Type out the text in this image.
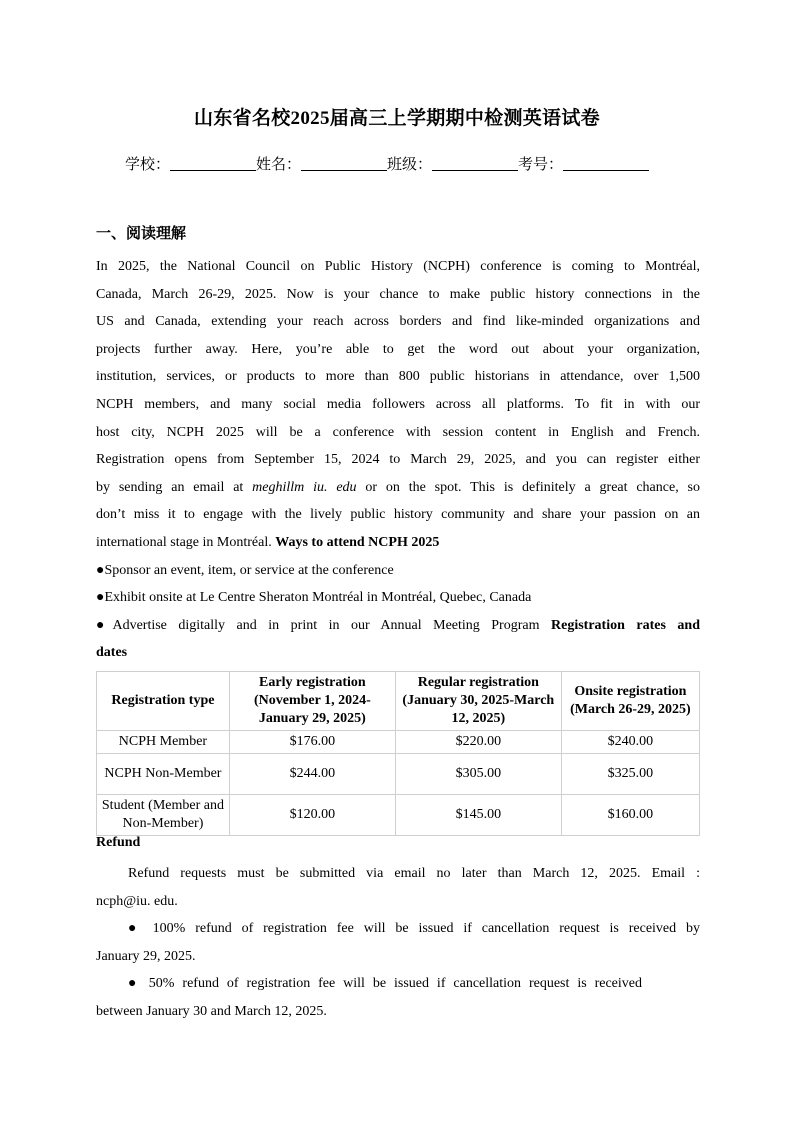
山东省名校2025届高三上学期期中检测英语试卷
学校：	姓名：	班级：	考号：
一、阅读理解
In 2025, the National Council on Public History (NCPH) conference is coming to Montréal,
Canada, March 26-29, 2025. Now is your chance to make public history connections in the
US and Canada, extending your reach across borders and find like-minded organizations and
projects further away. Here, you’re able to get the word out about your organization,
institution, services, or products to more than 800 public historians in attendance, over 1,500
NCPH members, and many social media followers across all platforms. To fit in with our
host city, NCPH 2025 will be a conference with session content in English and French.
Registration opens from September 15, 2024 to March 29, 2025, and you can register either
by sending an email at meghillm iu. edu or on the spot. This is definitely a great chance, so
don’t miss it to engage with the lively public history community and share your passion on an
international stage in Montréal. Ways to attend NCPH 2025
●Sponsor an event, item, or service at the conference
●Exhibit onsite at Le Centre Sheraton Montréal in Montréal, Quebec, Canada
●Advertise digitally and in print in our Annual Meeting Program Registration rates and
dates
Registration type	Early registration (November 1, 2024-January 29, 2025)	Regular registration (January 30, 2025-March 12, 2025)	Onsite registration (March 26-29, 2025)
NCPH Member	$176.00	$220.00	$240.00
NCPH Non-Member	$244.00	$305.00	$325.00
Student (Member and Non-Member)	$120.00	$145.00	$160.00
Refund
Refund requests must be submitted via email no later than March 12, 2025. Email :
ncph@iu. edu.
● 100% refund of registration fee will be issued if cancellation request is received by
January 29, 2025.
● 50% refund of registration fee will be issued if cancellation request is received
between January 30 and March 12, 2025.
